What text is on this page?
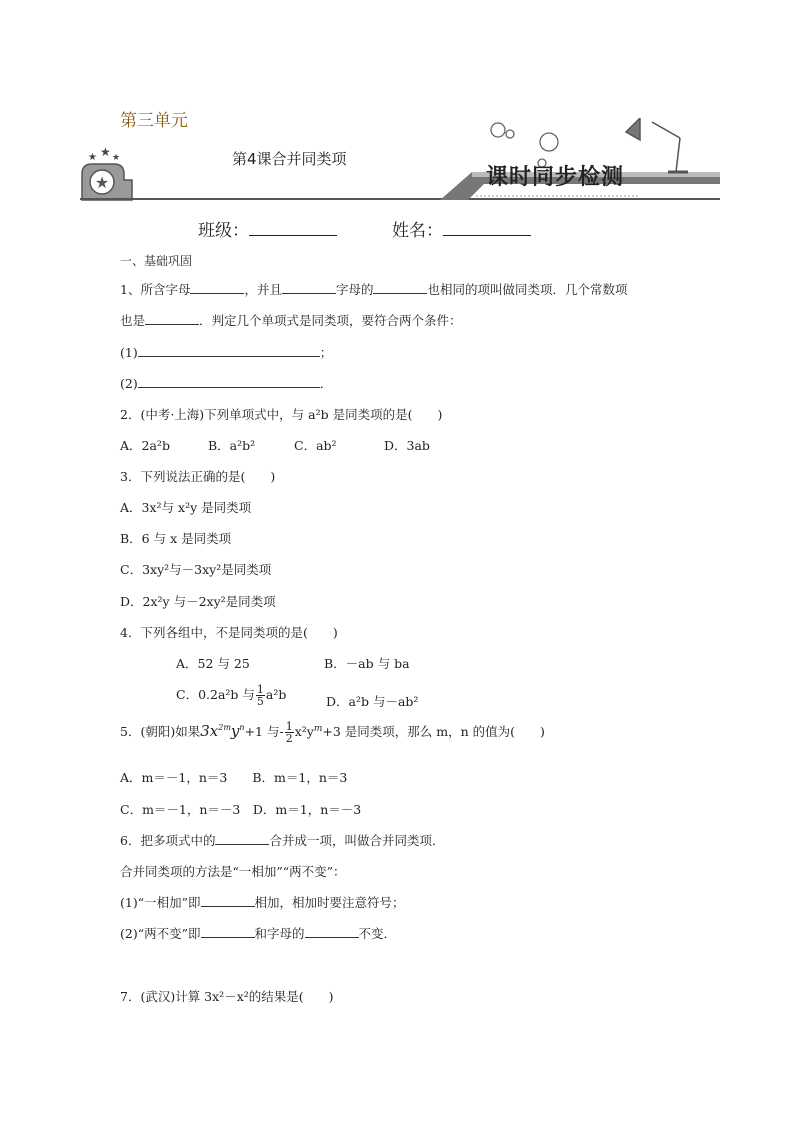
第三单元
第4课合并同类项
★
★ ★ ★
课时同步检测
班级：	姓名：
一、基础巩固
1、所含字母	，并且	字母的	也相同的项叫做同类项．几个常数项
也是	．判定几个单项式是同类项，要符合两个条件：
(1)	；
(2)	．
2．(中考·上海)下列单项式中，与 a²b 是同类项的是(　　)
A．2a²b	B．a²b²	C．ab²	D．3ab
3．下列说法正确的是(　　)
A．3x²与 x²y 是同类项
B．6 与 x 是同类项
C．3xy²与－3xy²是同类项
D．2x²y 与－2xy²是同类项
4．下列各组中，不是同类项的是(　　)
A．52 与 25	B．－ab 与 ba
C．0.2a²b 与 $\frac{1}{5} a^2b$	D．a²b 与－ab²
5．(朝阳)如果$3x^{2m}y^n+1$ 与- $\frac{1}{2} x^2y^m+3$ 是同类项，那么 m，n 的值为(　　)
A．m＝－1，n＝3　　B．m＝1，n＝3
C．m＝－1，n＝－3　D．m＝1，n＝－3
6．把多项式中的	合并成一项，叫做合并同类项．
合并同类项的方法是“一相加”“两不变”：
(1)“一相加”即	相加，相加时要注意符号；
(2)“两不变”即	和字母的	不变．
7．(武汉)计算 3x²－x²的结果是(　　)
